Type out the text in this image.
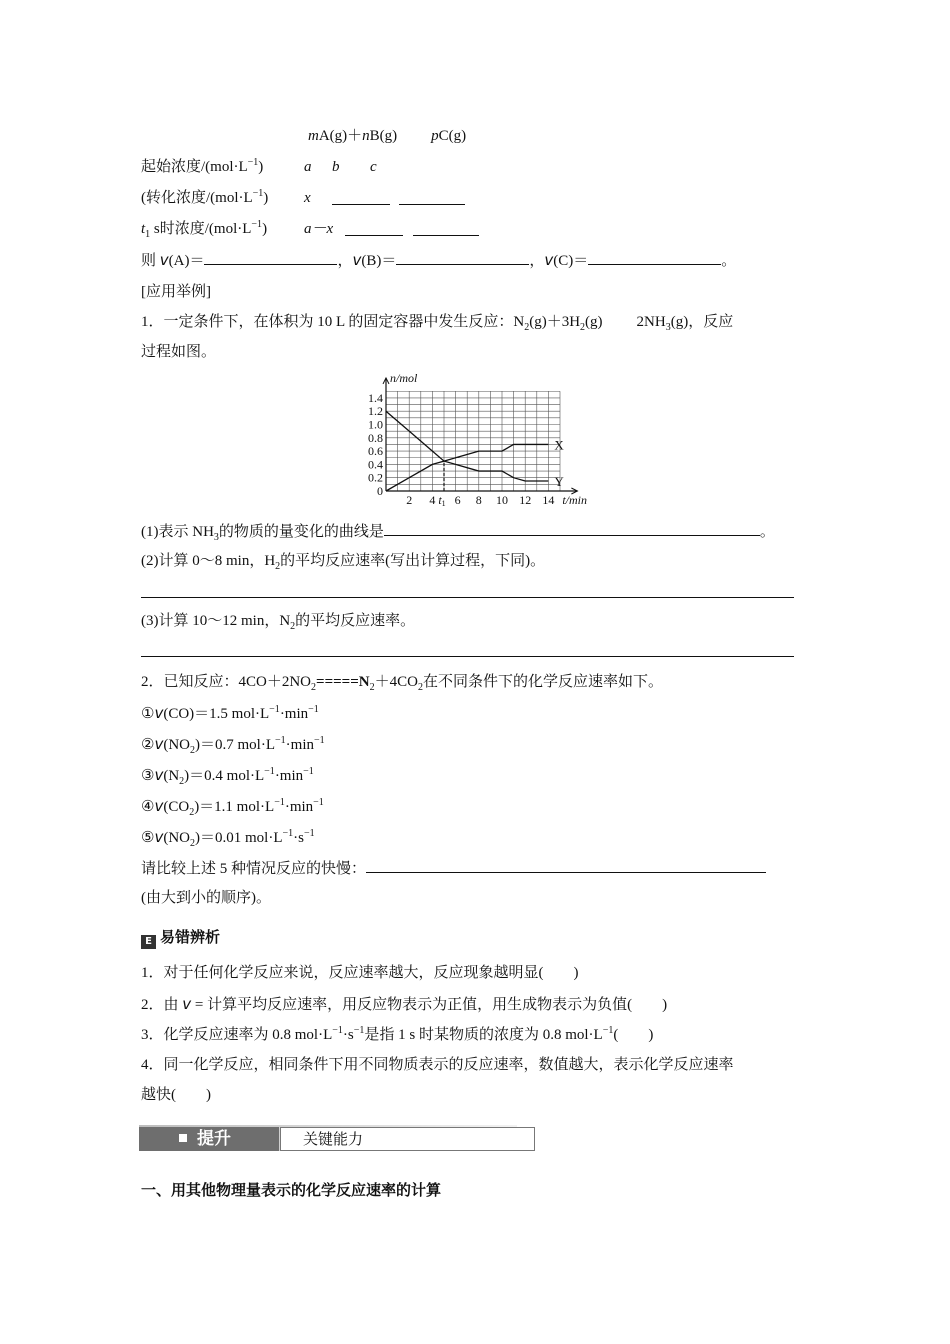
mA(g)＋nB(g) pC(g)
起始浓度$/(mol\cdot L^{-1})$	a b c
(转化浓度$/(mol\cdot L^{-1})$ x
$t_1$ s时浓度$/(mol\cdot L^{-1})$ a－x
则 v(A)＝	，v(B)＝	，v(C)＝	。
[应用举例]
1．一定条件下，在体积为 10 L 的固定容器中发生反应：$N_2(g)+3H_2(g)$ $2NH_3(g)$，反应
过程如图。
n/mol
0
0.2
0.4
0.6
0.8
1.0
1.2
1.4
2 4 t1 6 8 10 12 14 t/min
X
Y
(1)表示 $NH_3$的物质的量变化的曲线是	。
(2)计算 0～8 min，$H_2$的平均反应速率(写出计算过程，下同)。
(3)计算 10～12 min，$N_2$的平均反应速率。
2．已知反应：$4CO+2NO_2=====N_2+4CO_2$在不同条件下的化学反应速率如下。
①v(CO)＝1.5 $mol\cdot L^{-1}\cdot\min^{-1}$
$②v(NO_2)=0.7$ $mol\cdot L^{-1}\cdot\min^{-1}$
$③v(N_2)=0.4$ $mol\cdot L^{-1}\cdot\min^{-1}$
$④v(CO_2)=1.1$ $mol\cdot L^{-1}\cdot\min^{-1}$
$⑤v(NO_2)=0.01$ $mol\cdot L^{-1}\cdot s^{-1}$
请比较上述 5 种情况反应的快慢：
(由大到小的顺序)。
E 易错辨析
1．对于任何化学反应来说，反应速率越大，反应现象越明显(　　)
2．由 v = 计算平均反应速率，用反应物表示为正值，用生成物表示为负值(　　)
3．化学反应速率为 0.8 $mol\cdot L^{-1}\cdot s^{-1}$是指 1 s 时某物质的浓度为 0.8 $mol\cdot L^{-1}$(　　)
4．同一化学反应，相同条件下用不同物质表示的反应速率，数值越大，表示化学反应速率
越快(　　)
提升	关键能力
一、用其他物理量表示的化学反应速率的计算
